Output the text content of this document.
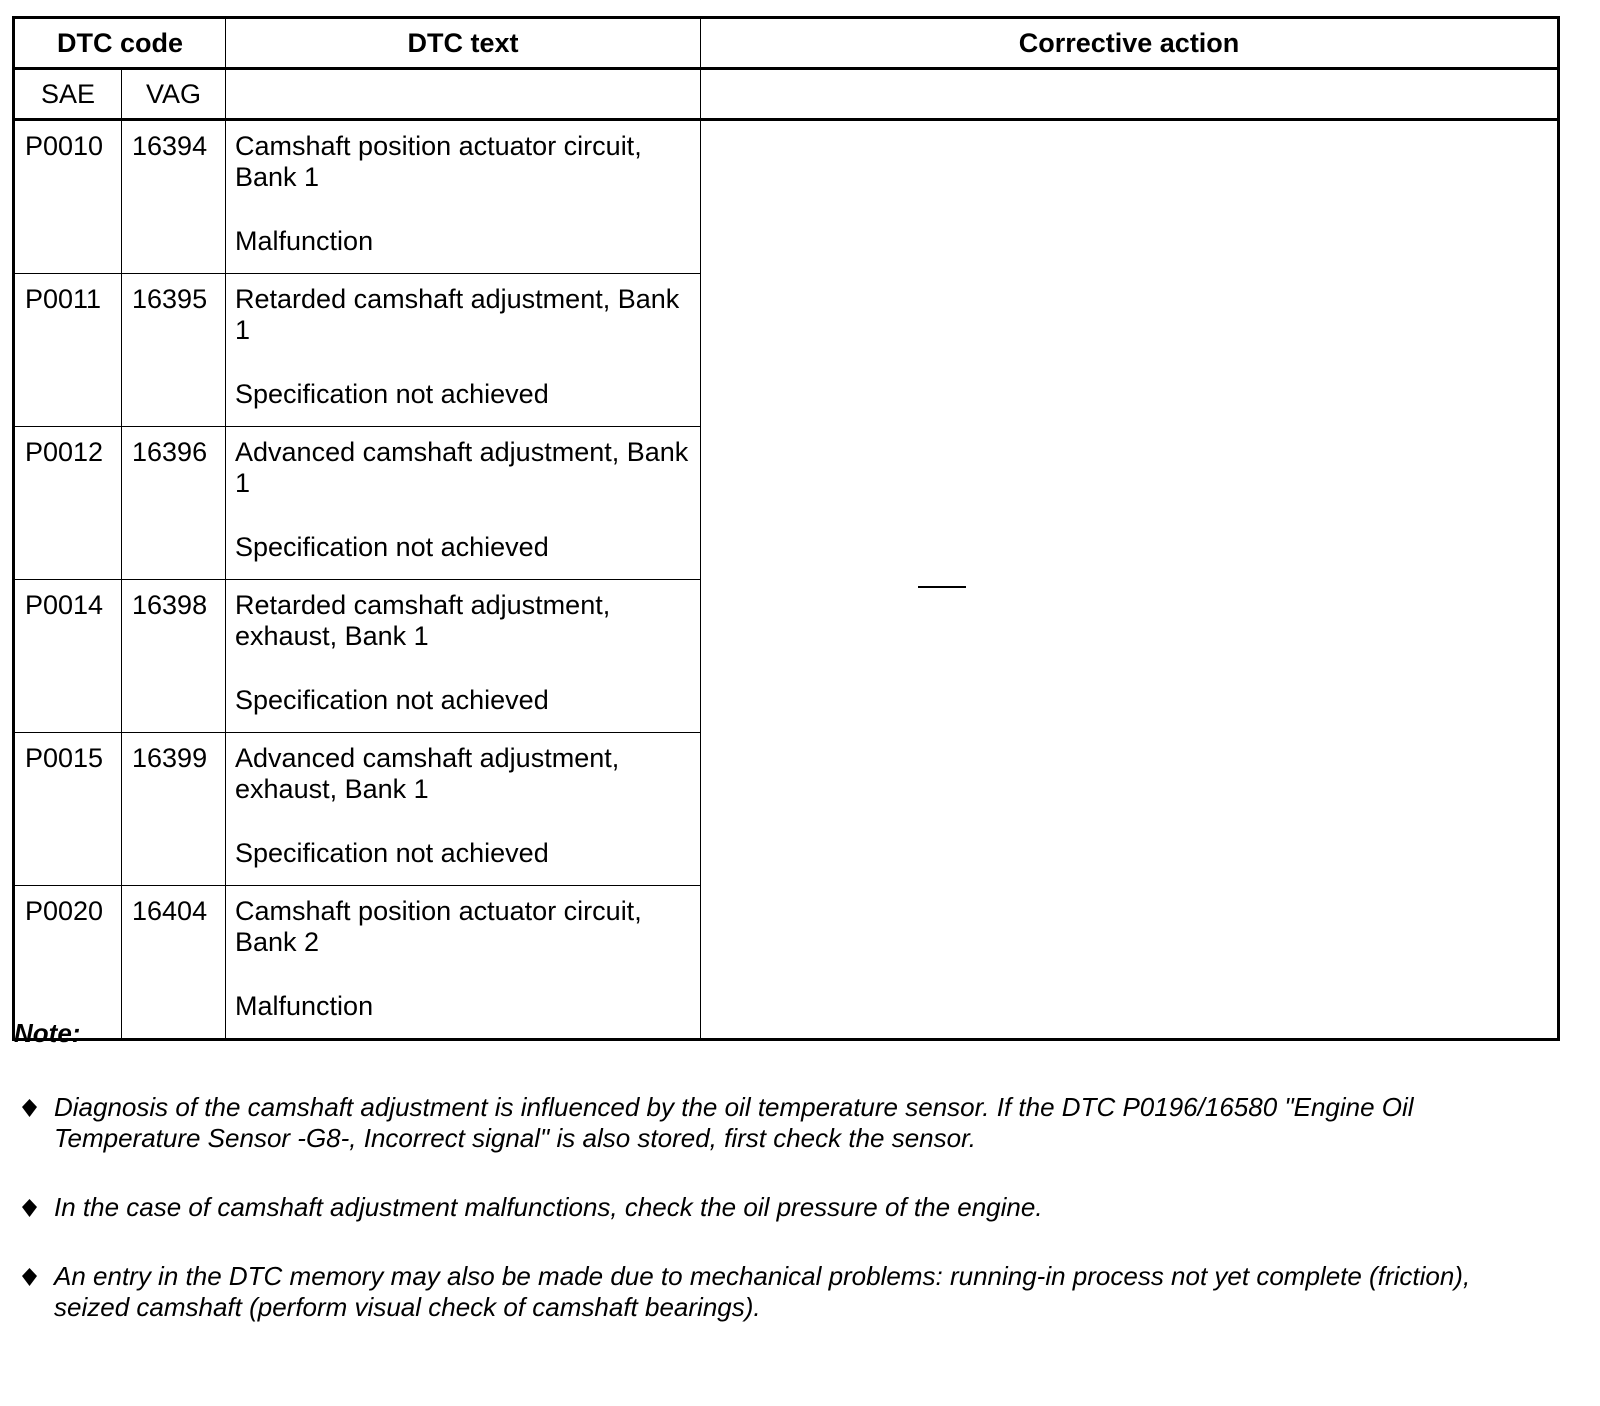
DTC code		DTC text	Corrective action
SAE	VAG		
P0010	16394	Camshaft position actuator circuit, Bank 1
Malfunction	

P0011	16395	Retarded camshaft adjustment, Bank 1
Specification not achieved	

P0012	16396	Advanced camshaft adjustment, Bank 1
Specification not achieved	

P0014	16398	Retarded camshaft adjustment, exhaust, Bank 1
Specification not achieved	

P0015	16399	Advanced camshaft adjustment, exhaust, Bank 1
Specification not achieved	

P0020	16404	Camshaft position actuator circuit, Bank 2
Malfunction	
Note:
Diagnosis of the camshaft adjustment is influenced by the oil temperature sensor. If the DTC P0196/16580 "Engine Oil Temperature Sensor -G8-, Incorrect signal" is also stored, first check the sensor.
In the case of camshaft adjustment malfunctions, check the oil pressure of the engine.
An entry in the DTC memory may also be made due to mechanical problems: running-in process not yet complete (friction), seized camshaft (perform visual check of camshaft bearings).
